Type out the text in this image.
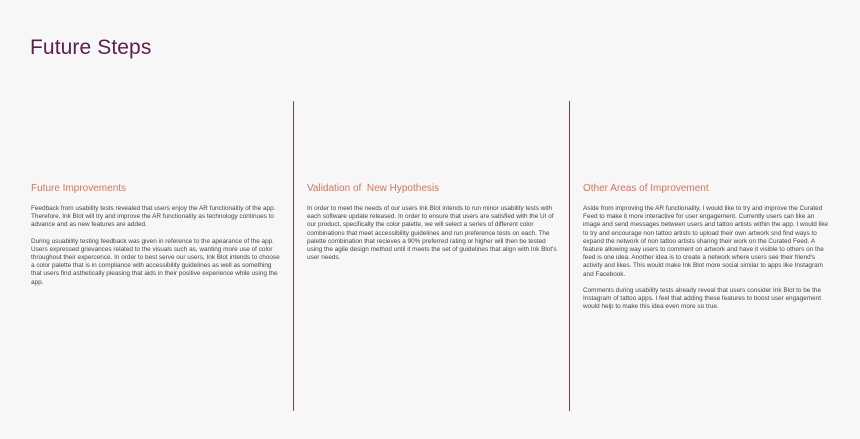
Future Steps
Future Improvements

Feedback from usability tests revealed that users enjoy the AR functionality of the app. Therefore, Ink Blot will try and improve the AR functionality as technology continues to advance and as new features are added.

During usuability testing feedback was given in reference to the apearance of the app. Users expressed grievances related to the visuals such as, wanting more use of color throughout their expercence. In order to best serve our users, Ink Blot intends to choose a color palette that is in compliance with accessibility guidelines as well as something that users find asthetically pleasing that aids in their positive experience while using the app.

Validation of  New Hypothesis

In order to meet the needs of our users Ink Blot intends to run minor usability tests with each software update released. In order to ensure that users are satisfied with the UI of our product, specifically the color palette, we will select a series of different color combinations that meet accessibility guidelines and run preference tests on each. The palette combination that recieves a 90% preferred rating or higher will then be tested using the agile design method until it meets the set of guidelines that align with Ink Blot's user needs.

Other Areas of Improvement

Aside from improving the AR functionality, I would like to try and improve the Curated Feed to make it more interactive for user engagement. Currently users can like an image and send messages between users and tattoo artists within the app. I would like to try and encourage non tattoo artists to upload their own artwork snd find ways to expand the network of non tattoo artists sharing their work on the Curated Feed. A feature allowing way users to comment on artwork and have it visible to others on the feed is one idea. Another idea is to create a network where users see their friend's activity and likes. This would make Ink Blot more social similar to apps like Instagram and Facebook.

Comments during usability tests already reveal that users consider Ink Blot to be the Instagram of tattoo apps. I feel that adding these features to boost user engagement would help to make this idea even more so true.
